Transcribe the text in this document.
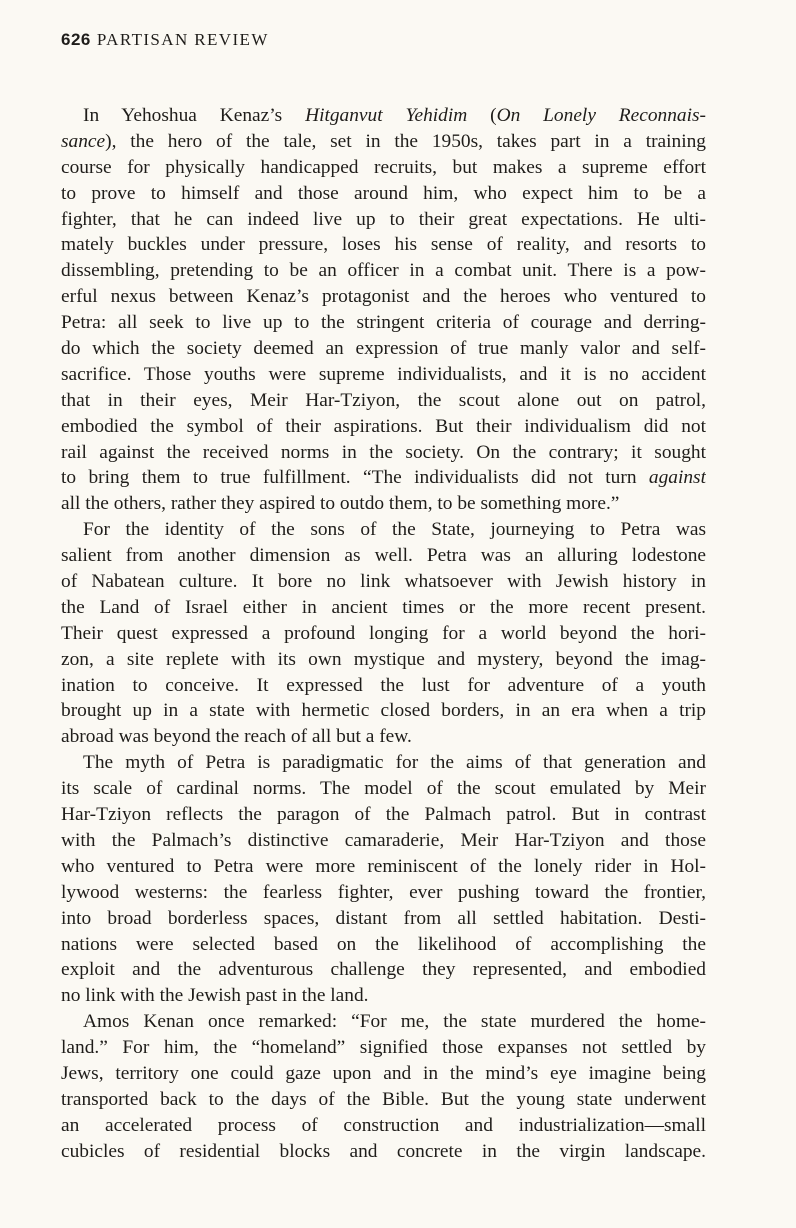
626 PARTISAN REVIEW
In Yehoshua Kenaz’s Hitganvut Yehidim (On Lonely Reconnais-
sance), the hero of the tale, set in the 1950s, takes part in a training
course for physically handicapped recruits, but makes a supreme effort
to prove to himself and those around him, who expect him to be a
fighter, that he can indeed live up to their great expectations. He ulti-
mately buckles under pressure, loses his sense of reality, and resorts to
dissembling, pretending to be an officer in a combat unit. There is a pow-
erful nexus between Kenaz’s protagonist and the heroes who ventured to
Petra: all seek to live up to the stringent criteria of courage and derring-
do which the society deemed an expression of true manly valor and self-
sacrifice. Those youths were supreme individualists, and it is no accident
that in their eyes, Meir Har-Tziyon, the scout alone out on patrol,
embodied the symbol of their aspirations. But their individualism did not
rail against the received norms in the society. On the contrary; it sought
to bring them to true fulfillment. “The individualists did not turn against
all the others, rather they aspired to outdo them, to be something more.”
For the identity of the sons of the State, journeying to Petra was
salient from another dimension as well. Petra was an alluring lodestone
of Nabatean culture. It bore no link whatsoever with Jewish history in
the Land of Israel either in ancient times or the more recent present.
Their quest expressed a profound longing for a world beyond the hori-
zon, a site replete with its own mystique and mystery, beyond the imag-
ination to conceive. It expressed the lust for adventure of a youth
brought up in a state with hermetic closed borders, in an era when a trip
abroad was beyond the reach of all but a few.
The myth of Petra is paradigmatic for the aims of that generation and
its scale of cardinal norms. The model of the scout emulated by Meir
Har-Tziyon reflects the paragon of the Palmach patrol. But in contrast
with the Palmach’s distinctive camaraderie, Meir Har-Tziyon and those
who ventured to Petra were more reminiscent of the lonely rider in Hol-
lywood westerns: the fearless fighter, ever pushing toward the frontier,
into broad borderless spaces, distant from all settled habitation. Desti-
nations were selected based on the likelihood of accomplishing the
exploit and the adventurous challenge they represented, and embodied
no link with the Jewish past in the land.
Amos Kenan once remarked: “For me, the state murdered the home-
land.” For him, the “homeland” signified those expanses not settled by
Jews, territory one could gaze upon and in the mind’s eye imagine being
transported back to the days of the Bible. But the young state underwent
an accelerated process of construction and industrialization—small
cubicles of residential blocks and concrete in the virgin landscape.
